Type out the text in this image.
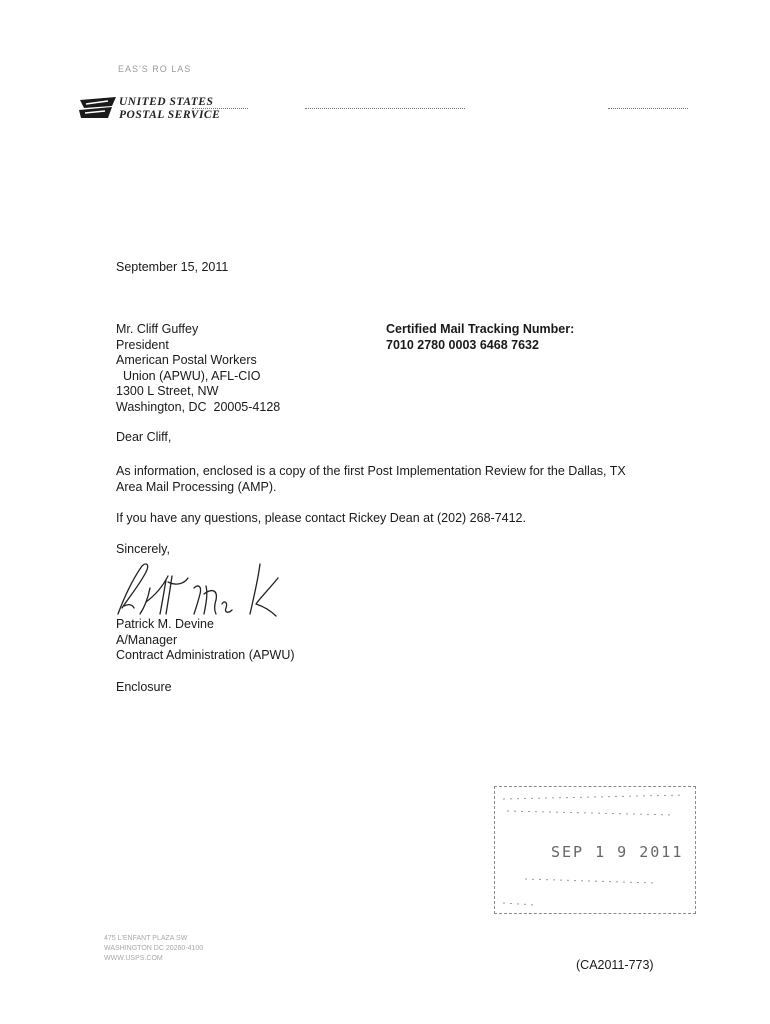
EAS'S RO LAS
UNITED STATES
POSTAL SERVICE
September 15, 2011
Mr. Cliff Guffey
President
American Postal Workers
Union (APWU), AFL-CIO
1300 L Street, NW
Washington, DC  20005-4128
Certified Mail Tracking Number:
7010 2780 0003 6468 7632
Dear Cliff,
As information, enclosed is a copy of the first Post Implementation Review for the Dallas, TX
Area Mail Processing (AMP).
If you have any questions, please contact Rickey Dean at (202) 268-7412.
Sincerely,
Patrick M. Devine
A/Manager
Contract Administration (APWU)
Enclosure
SEP 1 9 2011
475 L'ENFANT PLAZA SW
WASHINGTON DC 20260-4100
WWW.USPS.COM	(CA2011-773)
